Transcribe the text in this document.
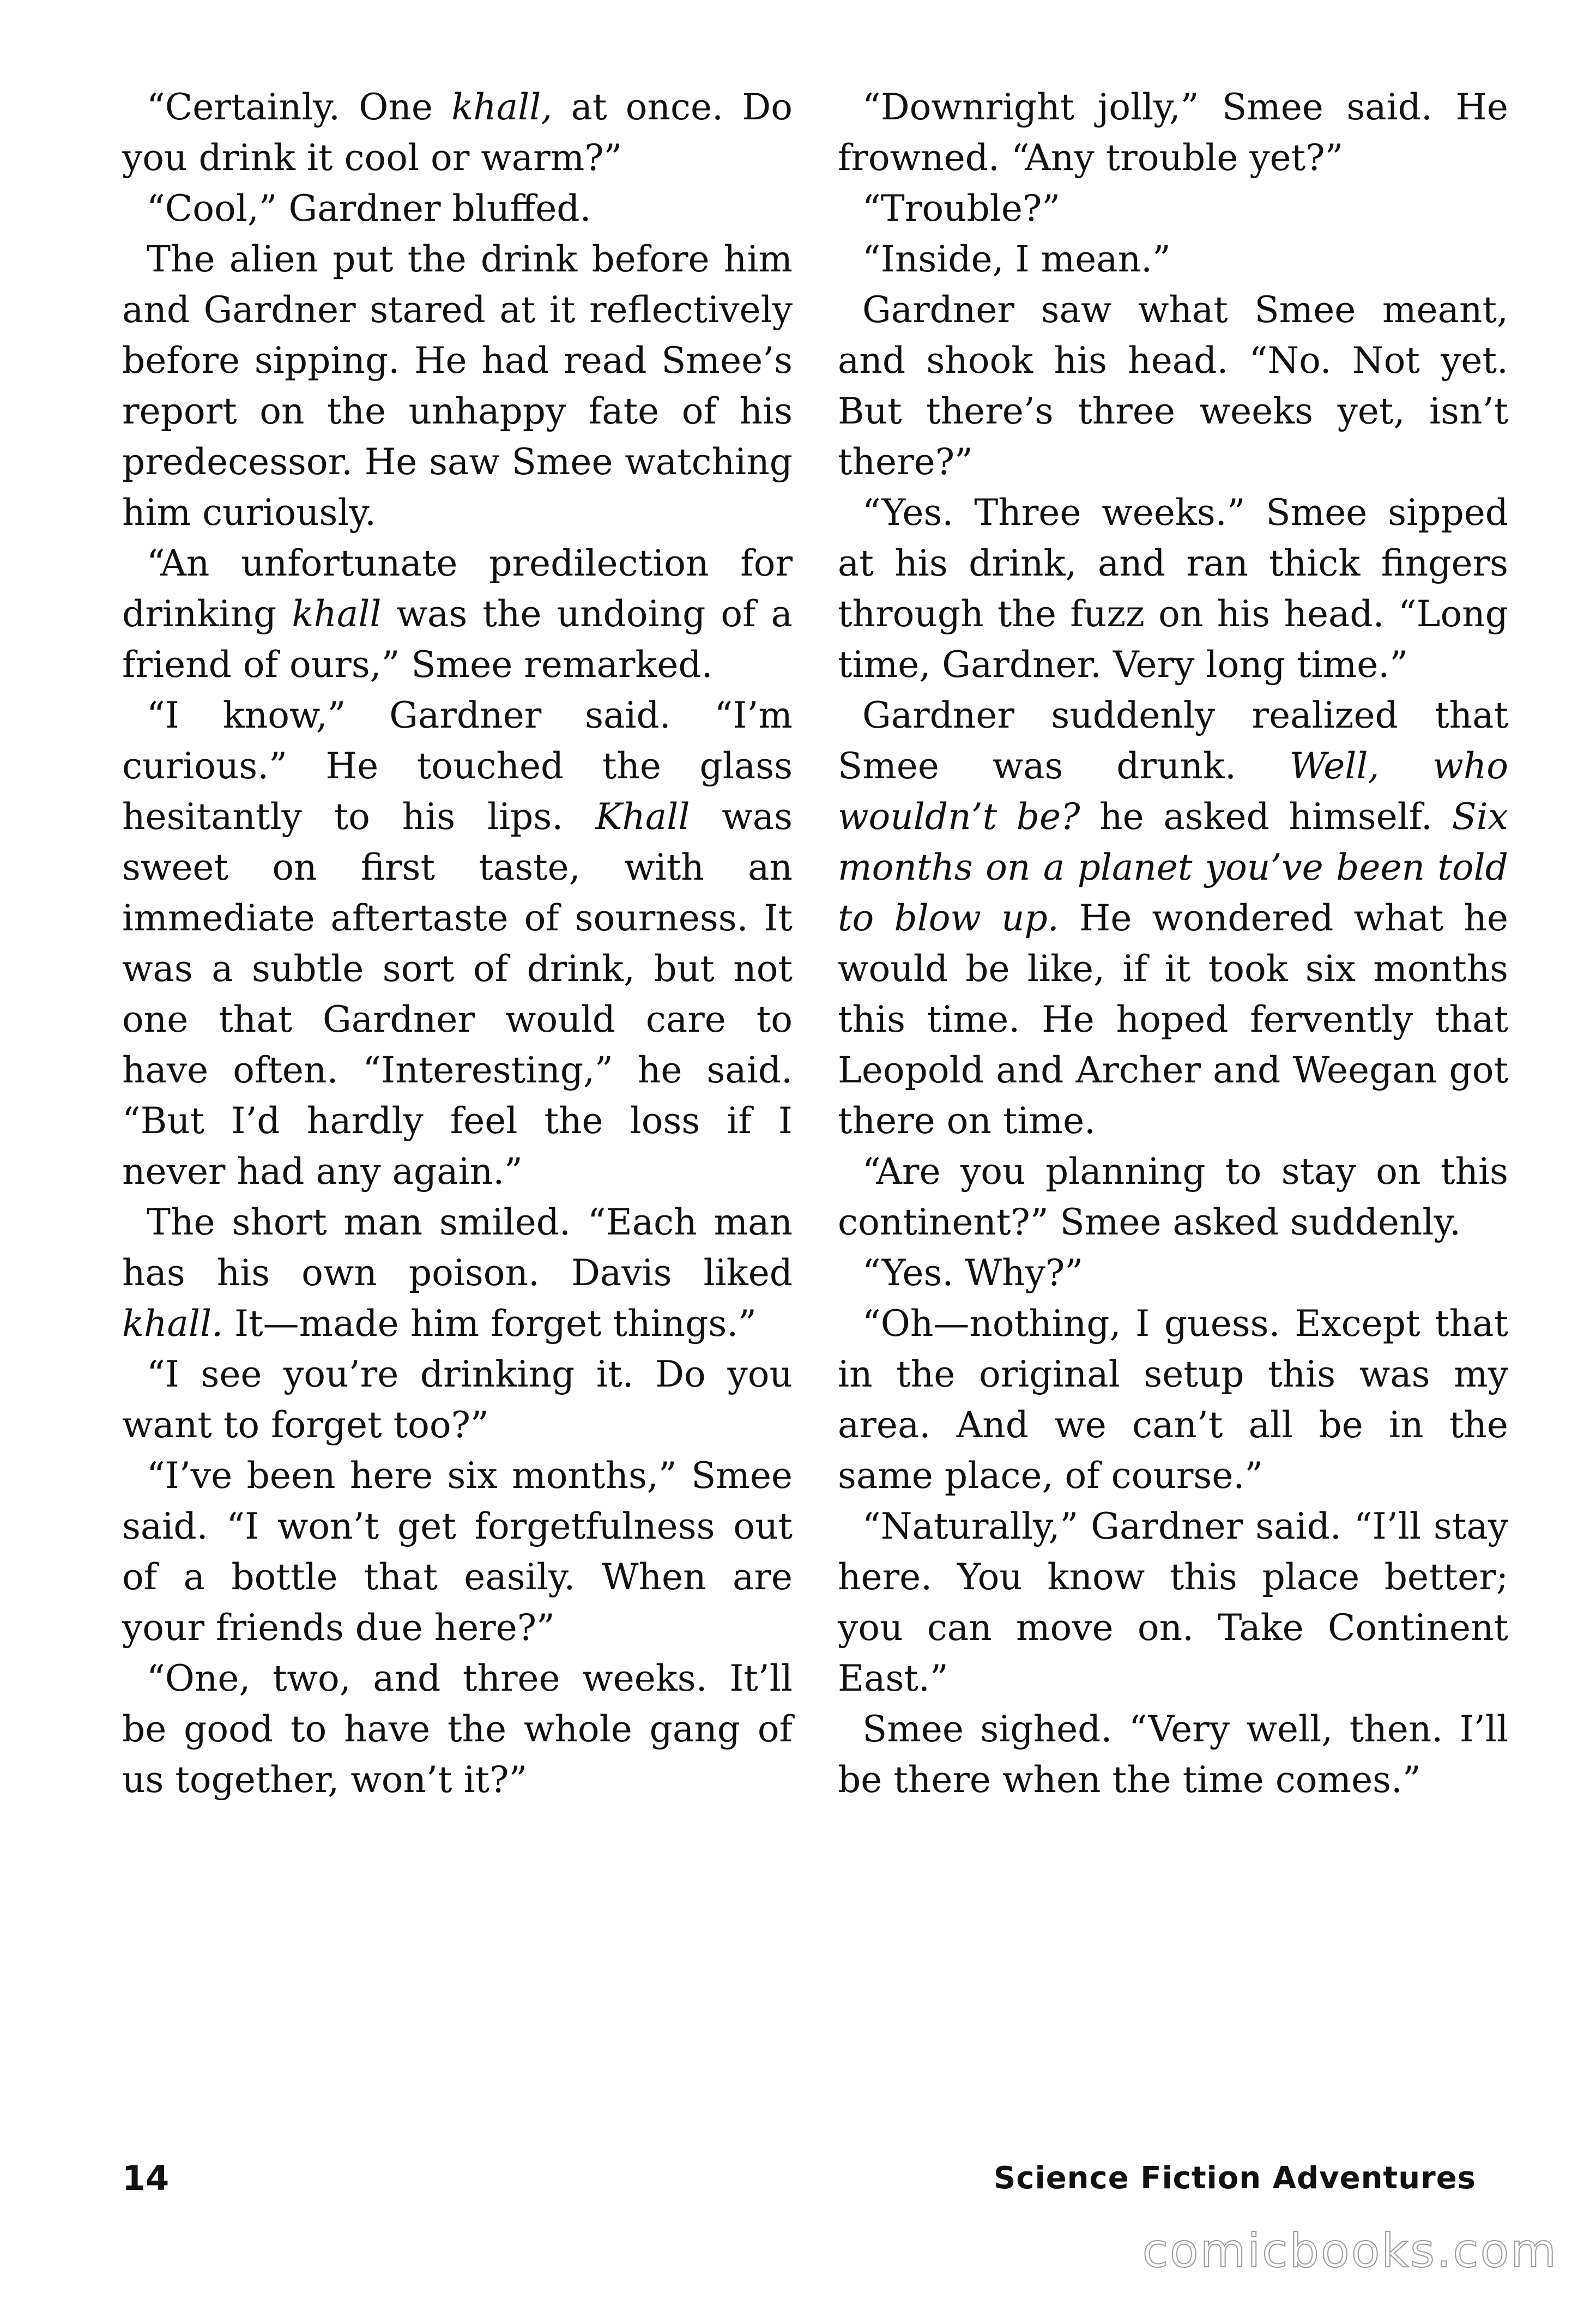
“Certainly. One khall, at once. Do you drink it cool or warm?”

“Cool,” Gardner bluffed.

The alien put the drink before him and Gardner stared at it reflectively before sipping. He had read Smee’s report on the unhappy fate of his predecessor. He saw Smee watching him curiously.

“An unfortunate predilection for drinking khall was the undoing of a friend of ours,” Smee remarked.

“I know,” Gardner said. “I’m curious.” He touched the glass hesitantly to his lips. Khall was sweet on first taste, with an immediate aftertaste of sourness. It was a subtle sort of drink, but not one that Gardner would care to have often. “Interesting,” he said. “But I’d hardly feel the loss if I never had any again.”

The short man smiled. “Each man has his own poison. Davis liked khall. It—made him forget things.”

“I see you’re drinking it. Do you want to forget too?”

“I’ve been here six months,” Smee said. “I won’t get forgetfulness out of a bottle that easily. When are your friends due here?”

“One, two, and three weeks. It’ll be good to have the whole gang of us together, won’t it?”

“Downright jolly,” Smee said. He frowned. “Any trouble yet?”

“Trouble?”

“Inside, I mean.”

Gardner saw what Smee meant, and shook his head. “No. Not yet. But there’s three weeks yet, isn’t there?”

“Yes. Three weeks.” Smee sipped at his drink, and ran thick fingers through the fuzz on his head. “Long time, Gardner. Very long time.”

Gardner suddenly realized that Smee was drunk. Well, who wouldn’t be? he asked himself. Six months on a planet you’ve been told to blow up. He wondered what he would be like, if it took six months this time. He hoped fervently that Leopold and Archer and Weegan got there on time.

“Are you planning to stay on this continent?” Smee asked suddenly.

“Yes. Why?”

“Oh—nothing, I guess. Except that in the original setup this was my area. And we can’t all be in the same place, of course.”

“Naturally,” Gardner said. “I’ll stay here. You know this place better; you can move on. Take Continent East.”

Smee sighed. “Very well, then. I’ll be there when the time comes.”

14	Science Fiction Adventures
comicbooks.com
